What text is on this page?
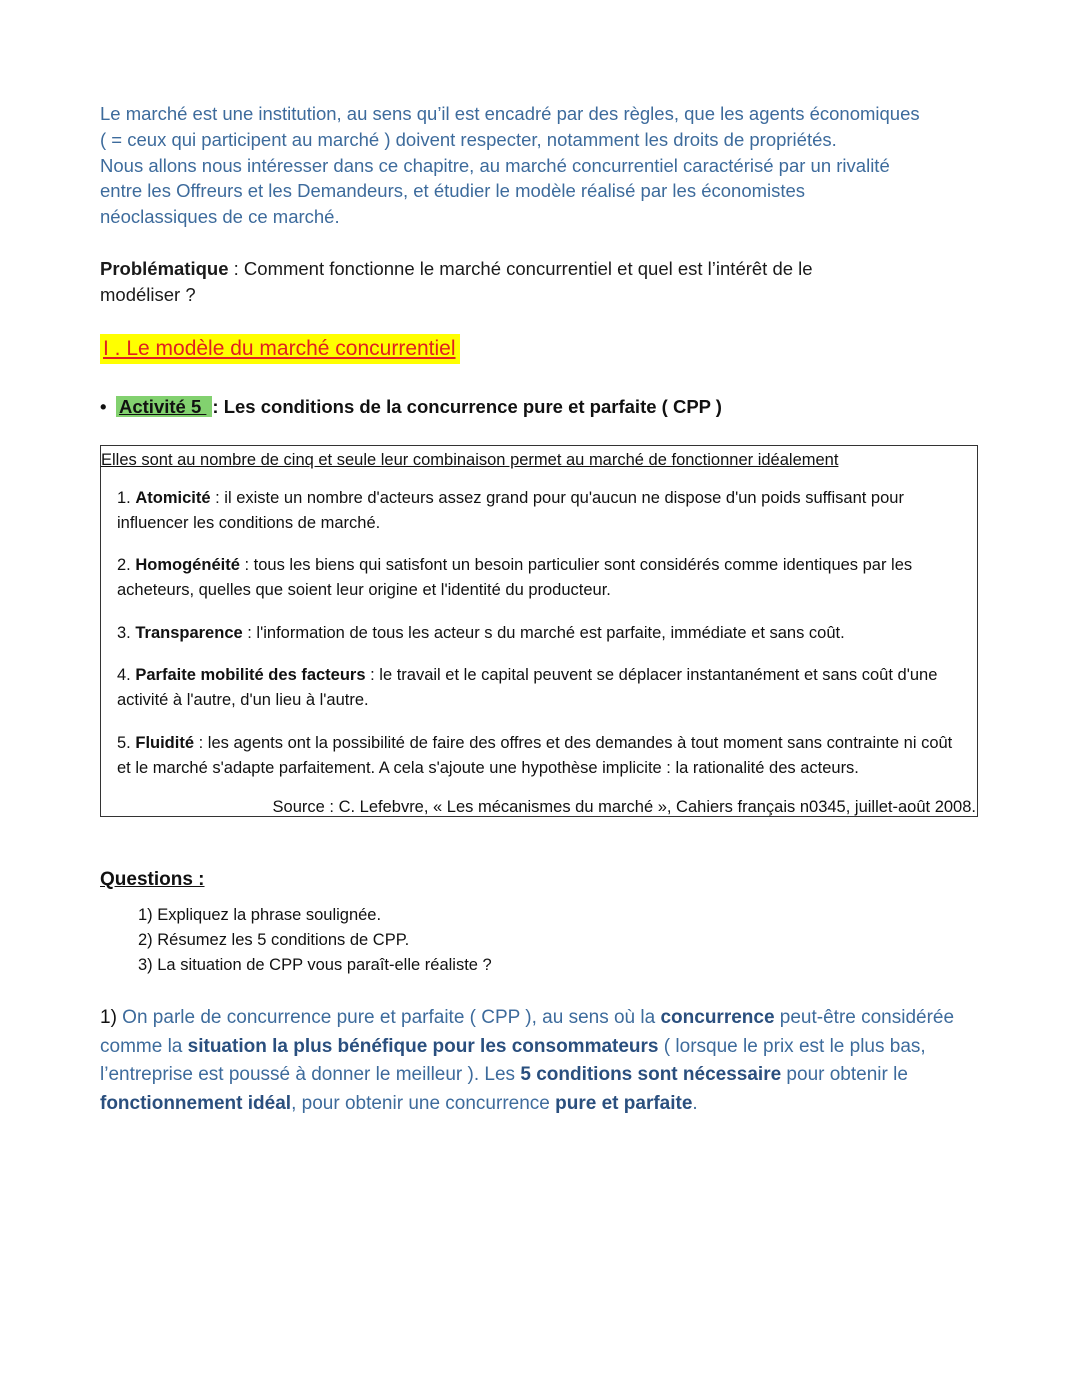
Le marché est une institution, au sens qu’il est encadré par des règles, que les agents économiques

( = ceux qui participent au marché ) doivent respecter, notamment les droits de propriétés.

Nous allons nous intéresser dans ce chapitre, au marché concurrentiel caractérisé par un rivalité

entre les Offreurs et les Demandeurs, et étudier le modèle réalisé par les économistes

néoclassiques de ce marché.

Problématique : Comment fonctionne le marché concurrentiel et quel est l’intérêt de le
modéliser ?
I . Le modèle du marché concurrentiel
• Activité 5 : Les conditions de la concurrence pure et parfaite ( CPP )
Elles sont au nombre de cinq et seule leur combinaison permet au marché de fonctionner idéalement
1. Atomicité : il existe un nombre d'acteurs assez grand pour qu'aucun ne dispose d'un poids suffisant pour
influencer les conditions de marché.
2. Homogénéité : tous les biens qui satisfont un besoin particulier sont considérés comme identiques par les
acheteurs, quelles que soient leur origine et l'identité du producteur.
3. Transparence : l'information de tous les acteur s du marché est parfaite, immédiate et sans coût.
4. Parfaite mobilité des facteurs : le travail et le capital peuvent se déplacer instantanément et sans coût d'une
activité à l'autre, d'un lieu à l'autre.
5. Fluidité : les agents ont la possibilité de faire des offres et des demandes à tout moment sans contrainte ni coût
et le marché s'adapte parfaitement. A cela s'ajoute une hypothèse implicite : la rationalité des acteurs.
Source : C. Lefebvre, « Les mécanismes du marché », Cahiers français n0345, juillet-août 2008.
Questions :
1) Expliquez la phrase soulignée.
2) Résumez les 5 conditions de CPP.
3) La situation de CPP vous paraît-elle réaliste ?
1) On parle de concurrence pure et parfaite ( CPP ), au sens où la concurrence peut-être considérée
comme la situation la plus bénéfique pour les consommateurs ( lorsque le prix est le plus bas,
l’entreprise est poussé à donner le meilleur ). Les 5 conditions sont nécessaire pour obtenir le
fonctionnement idéal, pour obtenir une concurrence pure et parfaite.
